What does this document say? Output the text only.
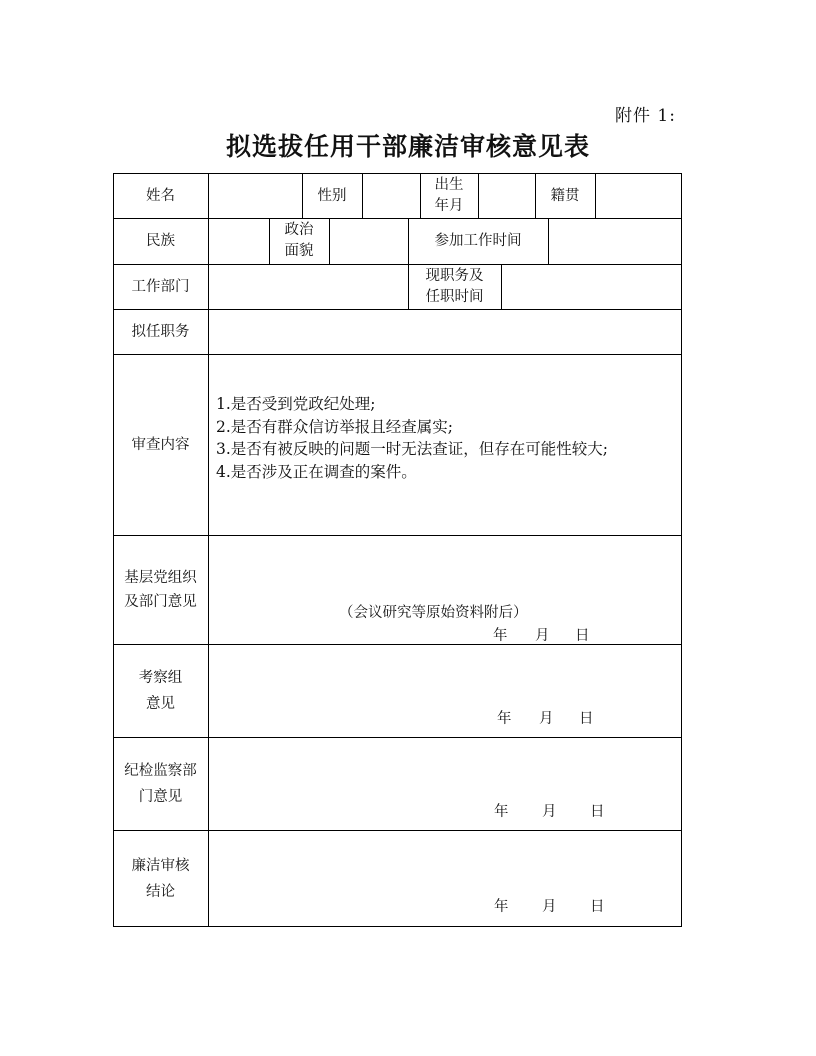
附件 1:
拟选拔任用干部廉洁审核意见表
姓名	性别
出生
年月
籍贯
民族
政治
面貌
参加工作时间
工作部门
现职务及
任职时间
拟任职务
审查内容
1.是否受到党政纪处理;
2.是否有群众信访举报且经查属实;
3.是否有被反映的问题一时无法查证，但存在可能性较大;
4.是否涉及正在调查的案件。
基层党组织
及部门意见
（会议研究等原始资料附后）
年 月 日
考察组
意见
年 月 日
纪检监察部
门意见
年 月 日
廉洁审核
结论
年 月 日
